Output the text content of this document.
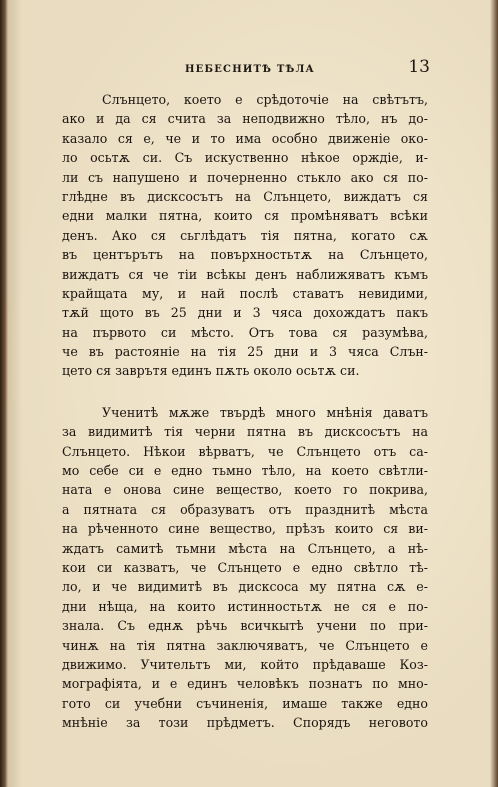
НЕБЕСНИТѢ ТѢЛА	13
Слънцето, което е срѣдоточіе на свѣтътъ,
ако и да ся счита за неподвижно тѣло, нъ до-
казало ся е, че и то има особно движеніе око-
ло осьтѫ си. Съ искуственно нѣкое орждіе, и-
ли съ напушено и почерненно стькло ако ся по-
глѣдне въ дисксосътъ на Слънцето, виждатъ ся
едни малки пятна, които ся промѣняватъ всѣки
денъ. Ако ся сьглѣдатъ тія пятна, когато сѫ
въ центърътъ на повърхностьтѫ на Слънцето,
виждатъ ся че тіи всѣкы денъ наближяватъ къмъ
крайщата му, и най послѣ ставатъ невидими,
тѫй щото въ 25 дни и 3 чяса доxождатъ пакъ
на първото си мѣсто. Отъ това ся разумѣва,
че въ растояніе на тія 25 дни и 3 чяса Слън-
цето ся заврътя единъ пѫть около осьтѫ си.
Ученитѣ мѫже твърдѣ много мнѣнія даватъ
за видимитѣ тія черни пятна въ дисксосътъ на
Слънцето. Нѣкои вѣрватъ, че Слънцето отъ са-
мо себе си е едно тьмно тѣло, на което свѣтли-
ната е онова сине вещество, което го покрива,
а пятната ся образуватъ отъ празднитѣ мѣста
на рѣченното сине вещество, прѣзъ които ся ви-
ждатъ самитѣ тьмни мѣста на Слънцето, а нѣ-
кои си казватъ, че Слънцето е едно свѣтло тѣ-
ло, и че видимитѣ въ дисксоса му пятна сѫ е-
дни нѣща, на които истинностьтѫ не ся е по-
знала. Съ еднѫ рѣчь всичкытѣ учени по при-
чинѫ на тія пятна заключяватъ, че Слънцето е
движимо. Учительтъ ми, който прѣдаваше Коз-
мографіята, и е единъ человѣкъ познатъ по мно-
гото си учебни съчиненія, имаше также едно
мнѣніе за този прѣдметъ. Спорядъ неговото
